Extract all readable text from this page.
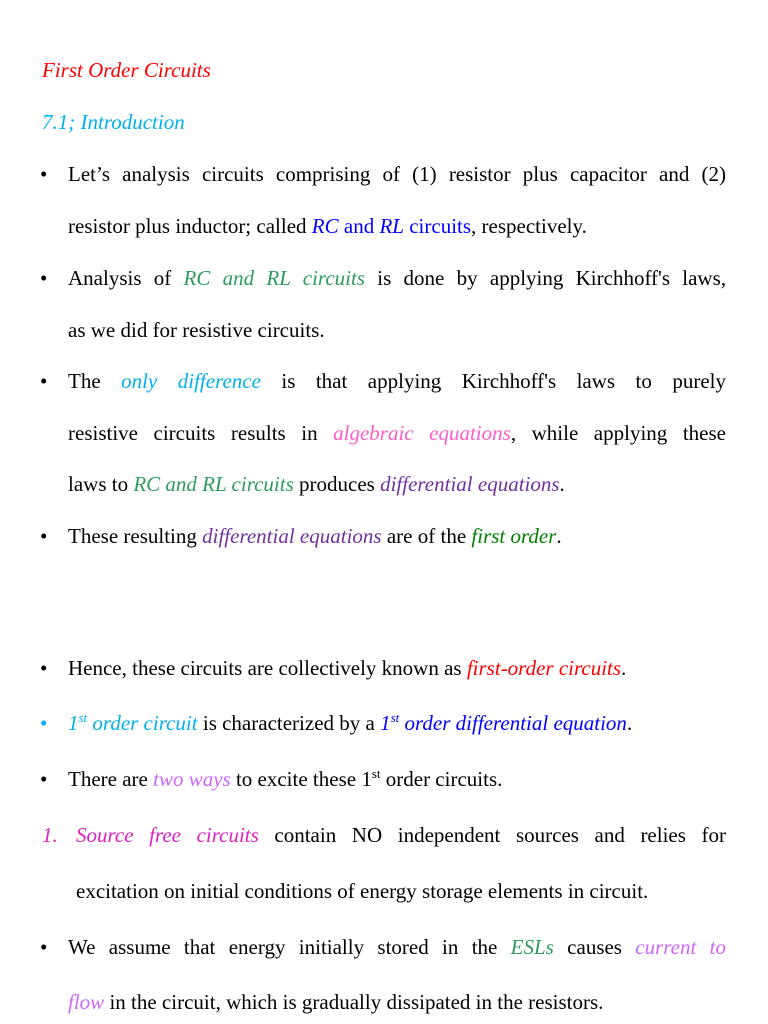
First Order Circuits
7.1; Introduction
• Let’s analysis circuits comprising of (1) resistor plus capacitor and (2)
resistor plus inductor; called RC and RL circuits, respectively.
• Analysis of RC and RL circuits is done by applying Kirchhoff's laws,
as we did for resistive circuits.
• The only difference is that applying Kirchhoff's laws to purely
resistive circuits results in algebraic equations, while applying these
laws to RC and RL circuits produces differential equations.
• These resulting differential equations are of the first order.
• Hence, these circuits are collectively known as first-order circuits.
• 1st order circuit is characterized by a 1st order differential equation.
• There are two ways to excite these 1st order circuits.
1. Source free circuits contain NO independent sources and relies for
excitation on initial conditions of energy storage elements in circuit.
• We assume that energy initially stored in the ESLs causes current to
flow in the circuit, which is gradually dissipated in the resistors.
